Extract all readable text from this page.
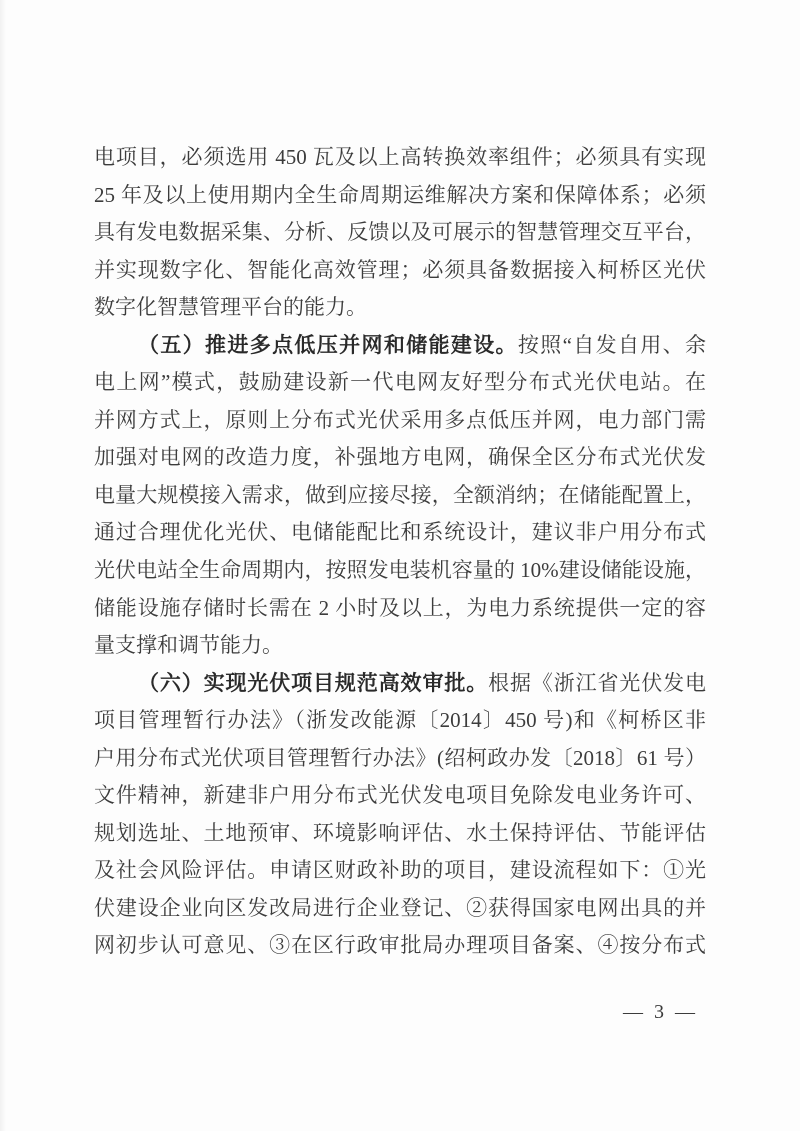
电项目，必须选用 450 瓦及以上高转换效率组件；必须具有实现
25 年及以上使用期内全生命周期运维解决方案和保障体系；必须
具有发电数据采集、分析、反馈以及可展示的智慧管理交互平台，
并实现数字化、智能化高效管理；必须具备数据接入柯桥区光伏
数字化智慧管理平台的能力。
（五）推进多点低压并网和储能建设。按照“自发自用、余
电上网”模式，鼓励建设新一代电网友好型分布式光伏电站。在
并网方式上，原则上分布式光伏采用多点低压并网，电力部门需
加强对电网的改造力度，补强地方电网，确保全区分布式光伏发
电量大规模接入需求，做到应接尽接，全额消纳；在储能配置上，
通过合理优化光伏、电储能配比和系统设计，建议非户用分布式
光伏电站全生命周期内，按照发电装机容量的 10%建设储能设施，
储能设施存储时长需在 2 小时及以上，为电力系统提供一定的容
量支撑和调节能力。
（六）实现光伏项目规范高效审批。根据《浙江省光伏发电
项目管理暂行办法》（浙发改能源〔2014〕450 号)和《柯桥区非
户用分布式光伏项目管理暂行办法》(绍柯政办发〔2018〕61 号）
文件精神，新建非户用分布式光伏发电项目免除发电业务许可、
规划选址、土地预审、环境影响评估、水土保持评估、节能评估
及社会风险评估。申请区财政补助的项目，建设流程如下：①光
伏建设企业向区发改局进行企业登记、②获得国家电网出具的并
网初步认可意见、③在区行政审批局办理项目备案、④按分布式
— 3 —
